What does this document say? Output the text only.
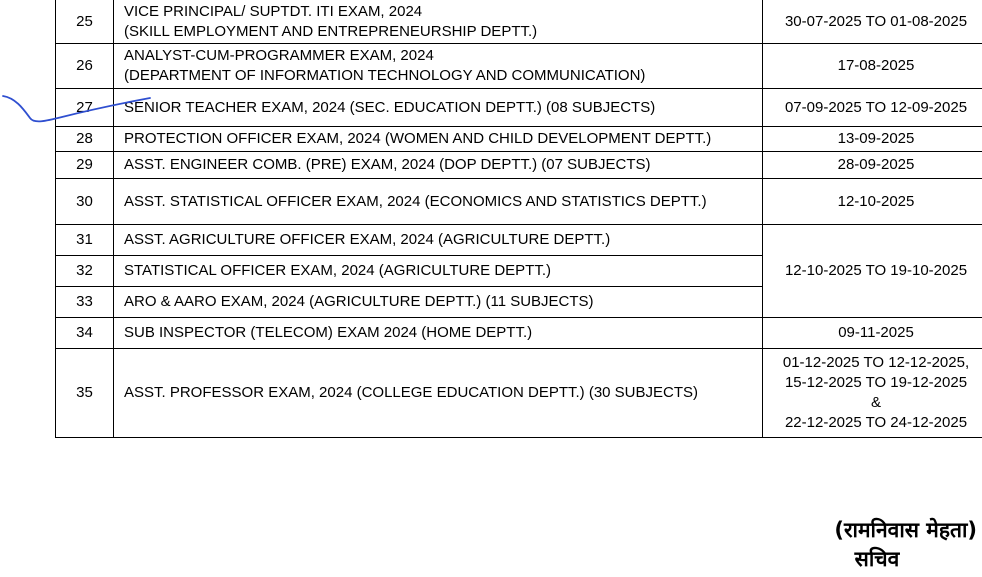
25	VICE PRINCIPAL/ SUPTDT. ITI EXAM, 2024
(SKILL EMPLOYMENT AND ENTREPRENEURSHIP DEPTT.)	30-07-2025 TO 01-08-2025

26	ANALYST-CUM-PROGRAMMER EXAM, 2024
(DEPARTMENT OF INFORMATION TECHNOLOGY AND COMMUNICATION)	17-08-2025

27	SENIOR TEACHER EXAM, 2024 (SEC. EDUCATION DEPTT.) (08 SUBJECTS)	07-09-2025 TO 12-09-2025

28	PROTECTION OFFICER EXAM, 2024 (WOMEN AND CHILD DEVELOPMENT DEPTT.)	13-09-2025

29	ASST. ENGINEER COMB. (PRE) EXAM, 2024 (DOP DEPTT.) (07 SUBJECTS)	28-09-2025

30	ASST. STATISTICAL OFFICER EXAM, 2024 (ECONOMICS AND STATISTICS DEPTT.)	12-10-2025

31	ASST. AGRICULTURE OFFICER EXAM, 2024 (AGRICULTURE DEPTT.)	12-10-2025 TO 19-10-2025

32	STATISTICAL OFFICER EXAM, 2024 (AGRICULTURE DEPTT.)	

33	ARO & AARO EXAM, 2024 (AGRICULTURE DEPTT.) (11 SUBJECTS)	

34	SUB INSPECTOR (TELECOM) EXAM 2024 (HOME DEPTT.)	09-11-2025

35	ASST. PROFESSOR EXAM, 2024 (COLLEGE EDUCATION DEPTT.) (30 SUBJECTS)	01-12-2025 TO 12-12-2025,
15-12-2025 TO 19-12-2025
&
22-12-2025 TO 24-12-2025
(रामनिवास मेहता)
सचिव
